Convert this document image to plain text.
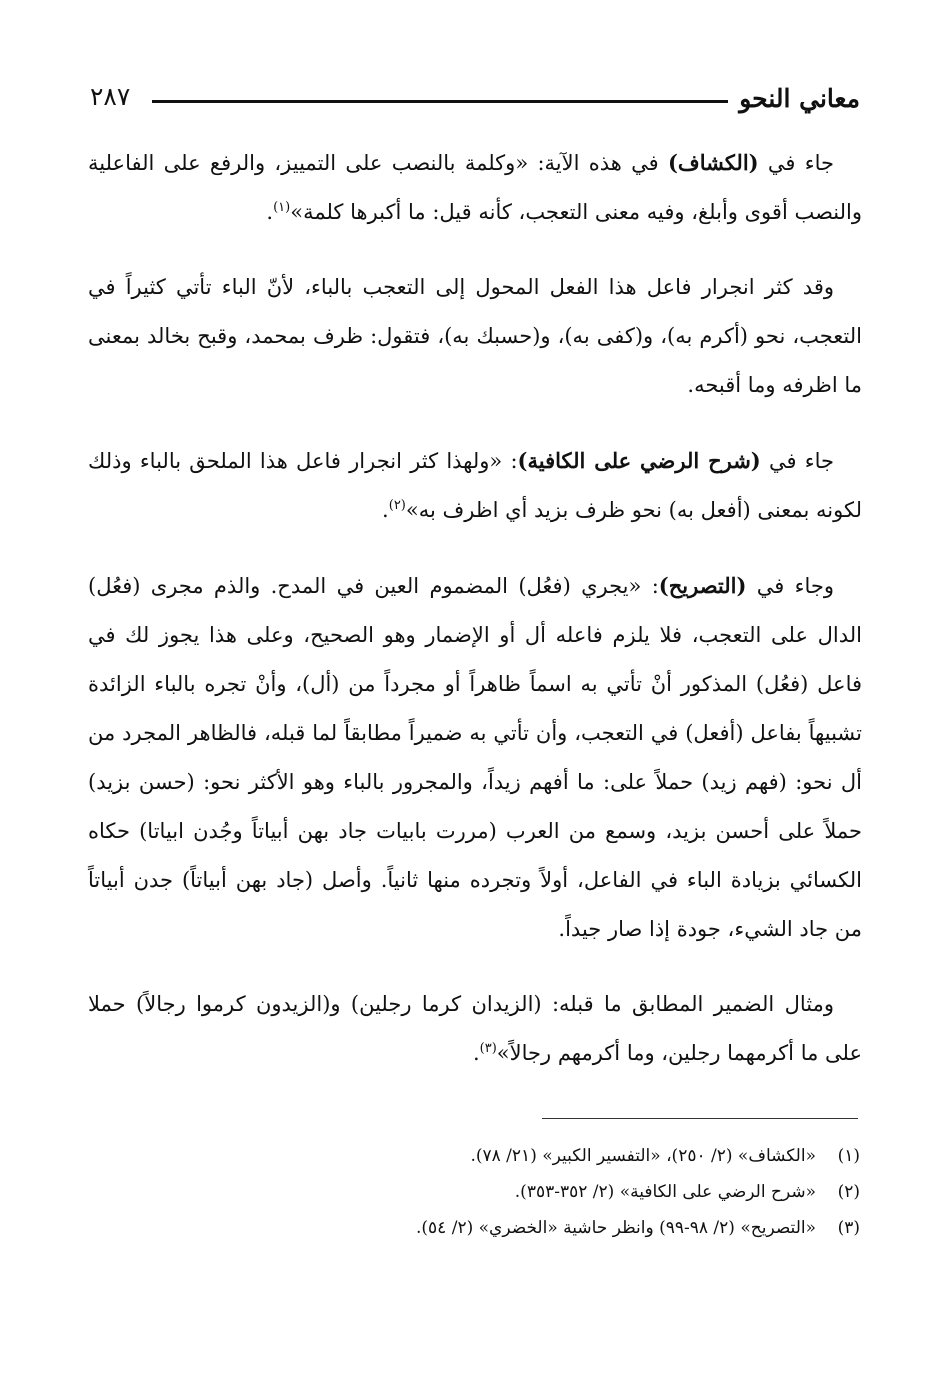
معاني النحو
٢٨٧

جاء في (الكشاف) في هذه الآية: «وكلمة بالنصب على التمييز، والرفع على الفاعلية والنصب أقوى وأبلغ، وفيه معنى التعجب، كأنه قيل: ما أكبرها كلمة»$^{(١)}$.

وقد كثر انجرار فاعل هذا الفعل المحول إلى التعجب بالباء، لأنّ الباء تأتي كثيراً في التعجب، نحو (أكرم به)، و(كفى به)، و(حسبك به)، فتقول: ظرف بمحمد، وقبح بخالد بمعنى ما اظرفه وما أقبحه.

جاء في (شرح الرضي على الكافية): «ولهذا كثر انجرار فاعل هذا الملحق بالباء وذلك لكونه بمعنى (أفعل به) نحو ظرف بزيد أي اظرف به»$^{(٢)}$.

وجاء في (التصريح): «يجري (فعُل) المضموم العين في المدح. والذم مجرى (فعُل) الدال على التعجب، فلا يلزم فاعله أل أو الإضمار وهو الصحيح، وعلى هذا يجوز لك في فاعل (فعُل) المذكور أنْ تأتي به اسماً ظاهراً أو مجرداً من (أل)، وأنْ تجره بالباء الزائدة تشبيهاً بفاعل (أفعل) في التعجب، وأن تأتي به ضميراً مطابقاً لما قبله، فالظاهر المجرد من أل نحو: (فهم زيد) حملاً على: ما أفهم زيداً، والمجرور بالباء وهو الأكثر نحو: (حسن بزيد) حملاً على أحسن بزيد، وسمع من العرب (مررت بابيات جاد بهن أبياتاً وجُدن ابياتا) حكاه الكسائي بزيادة الباء في الفاعل، أولاً وتجرده منها ثانياً. وأصل (جاد بهن أبياتاً) جدن أبياتاً من جاد الشيء، جودة إذا صار جيداً.

ومثال الضمير المطابق ما قبله: (الزيدان كرما رجلين) و(الزيدون كرموا رجالاً) حملا على ما أكرمهما رجلين، وما أكرمهم رجالاً»$^{(٣)}$.

(١)«الكشاف» (٢/ ٢٥٠)، «التفسير الكبير» (٢١/ ٧٨).
(٢)«شرح الرضي على الكافية» (٢/ ٣٥٢-٣٥٣).
(٣)«التصريح» (٢/ ٩٨-٩٩) وانظر حاشية «الخضري» (٢/ ٥٤).
